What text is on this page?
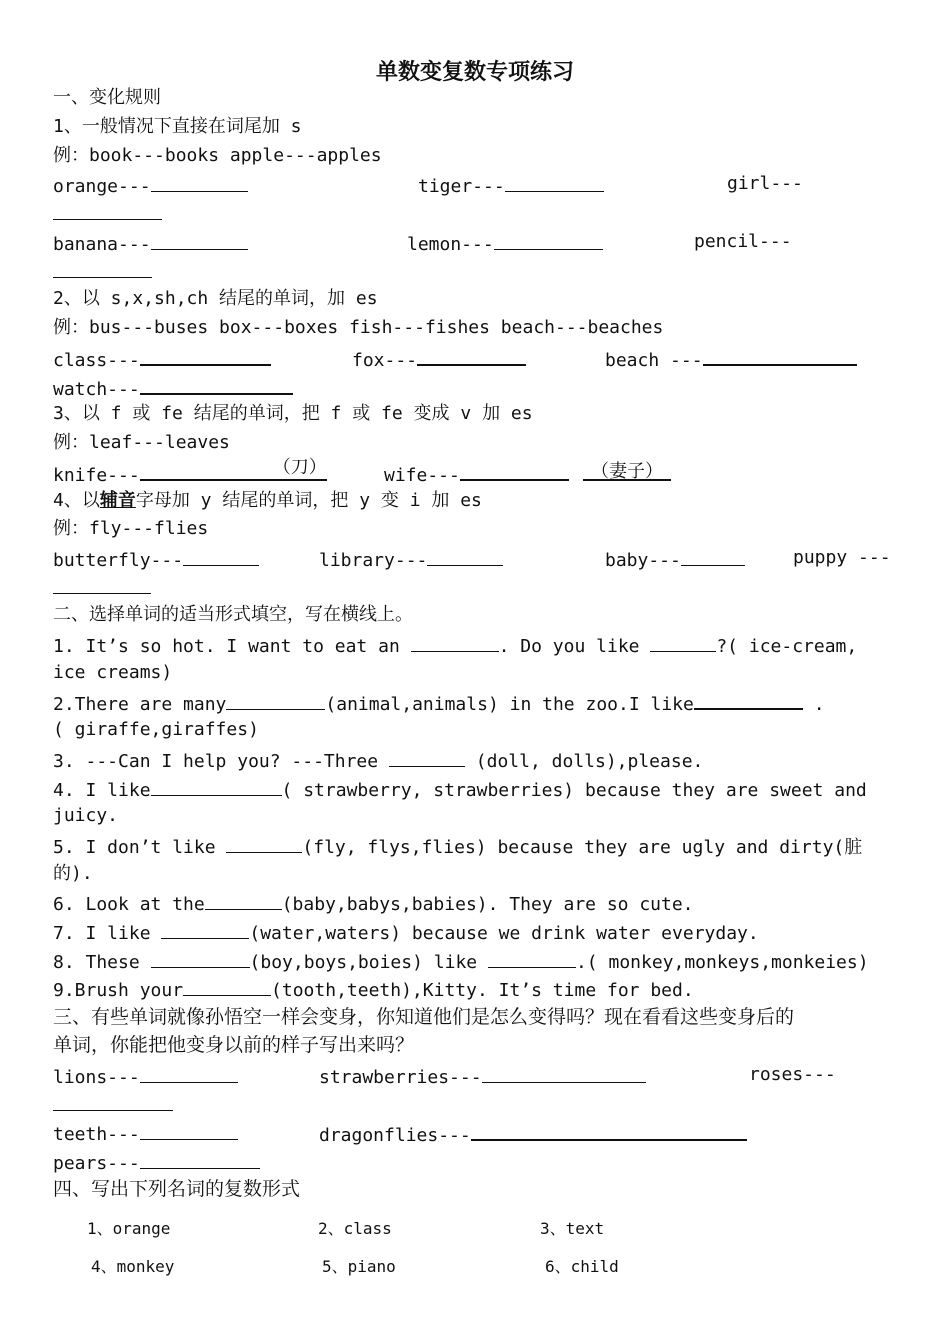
单数变复数专项练习
一、变化规则
1、一般情况下直接在词尾加 s
例：book---books apple---apples
orange---	tiger---	girl---
banana---	lemon---	pencil---
2、以 s,x,sh,ch 结尾的单词，加 es
例：bus---buses box---boxes fish---fishes beach---beaches
class---	fox---	beach ---
watch---
3、以 f 或 fe 结尾的单词，把 f 或 fe 变成 v 加 es
例：leaf---leaves
knife---	（刀）	wife---	（妻子）
4、以辅音字母加 y 结尾的单词，把 y 变 i 加 es
例：fly---flies
butterfly---	library---	baby---	puppy ---
二、选择单词的适当形式填空，写在横线上。
1. It’s so hot. I want to eat an	. Do you like	?( ice-cream,
ice creams)
2.There are many	(animal,animals) in the zoo.I like	.
( giraffe,giraffes)
3. ---Can I help you? ---Three	(doll, dolls),please.
4. I like	( strawberry, strawberries) because they are sweet and
juicy.
5. I don’t like	(fly, flys,flies) because they are ugly and dirty(脏
的).
6. Look at the	(baby,babys,babies). They are so cute.
7. I like	(water,waters) because we drink water everyday.
8. These	(boy,boys,boies) like	.( monkey,monkeys,monkeies)
9.Brush your	(tooth,teeth),Kitty. It’s time for bed.
三、有些单词就像孙悟空一样会变身，你知道他们是怎么变得吗？现在看看这些变身后的
单词，你能把他变身以前的样子写出来吗？
lions---	strawberries---	roses---
teeth---	dragonflies---
pears---
四、写出下列名词的复数形式
1、orange	2、class	3、text
4、monkey	5、piano	6、child
